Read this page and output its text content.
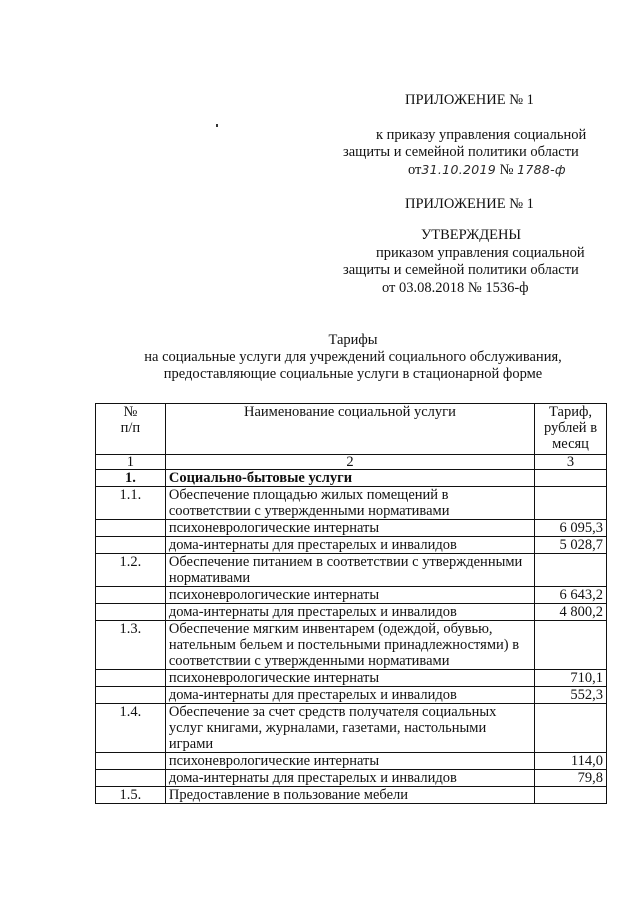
ПРИЛОЖЕНИЕ № 1
к приказу управления социальной
защиты и семейной политики области
от31.10.2019 № 1788-ф
ПРИЛОЖЕНИЕ № 1
УТВЕРЖДЕНЫ
приказом управления социальной
защиты и семейной политики области
от 03.08.2018 № 1536-ф
Тарифы
на социальные услуги для учреждений социального обслуживания,
предоставляющие социальные услуги в стационарной форме
№
п/п	Наименование социальной услуги	Тариф,
рублей в
месяц
1	2	3
1.	Социально-бытовые услуги	
1.1.	Обеспечение площадью жилых помещений в соответствии с утвержденными нормативами	
	психоневрологические интернаты	6 095,3
	дома-интернаты для престарелых и инвалидов	5 028,7
1.2.	Обеспечение питанием в соответствии с утвержденными нормативами	
	психоневрологические интернаты	6 643,2
	дома-интернаты для престарелых и инвалидов	4 800,2
1.3.	Обеспечение мягким инвентарем (одеждой, обувью, нательным бельем и постельными принадлежностями) в соответствии с утвержденными нормативами	
	психоневрологические интернаты	710,1
	дома-интернаты для престарелых и инвалидов	552,3
1.4.	Обеспечение за счет средств получателя социальных услуг книгами, журналами, газетами, настольными играми	
	психоневрологические интернаты	114,0
	дома-интернаты для престарелых и инвалидов	79,8
1.5.	Предоставление в пользование мебели	
